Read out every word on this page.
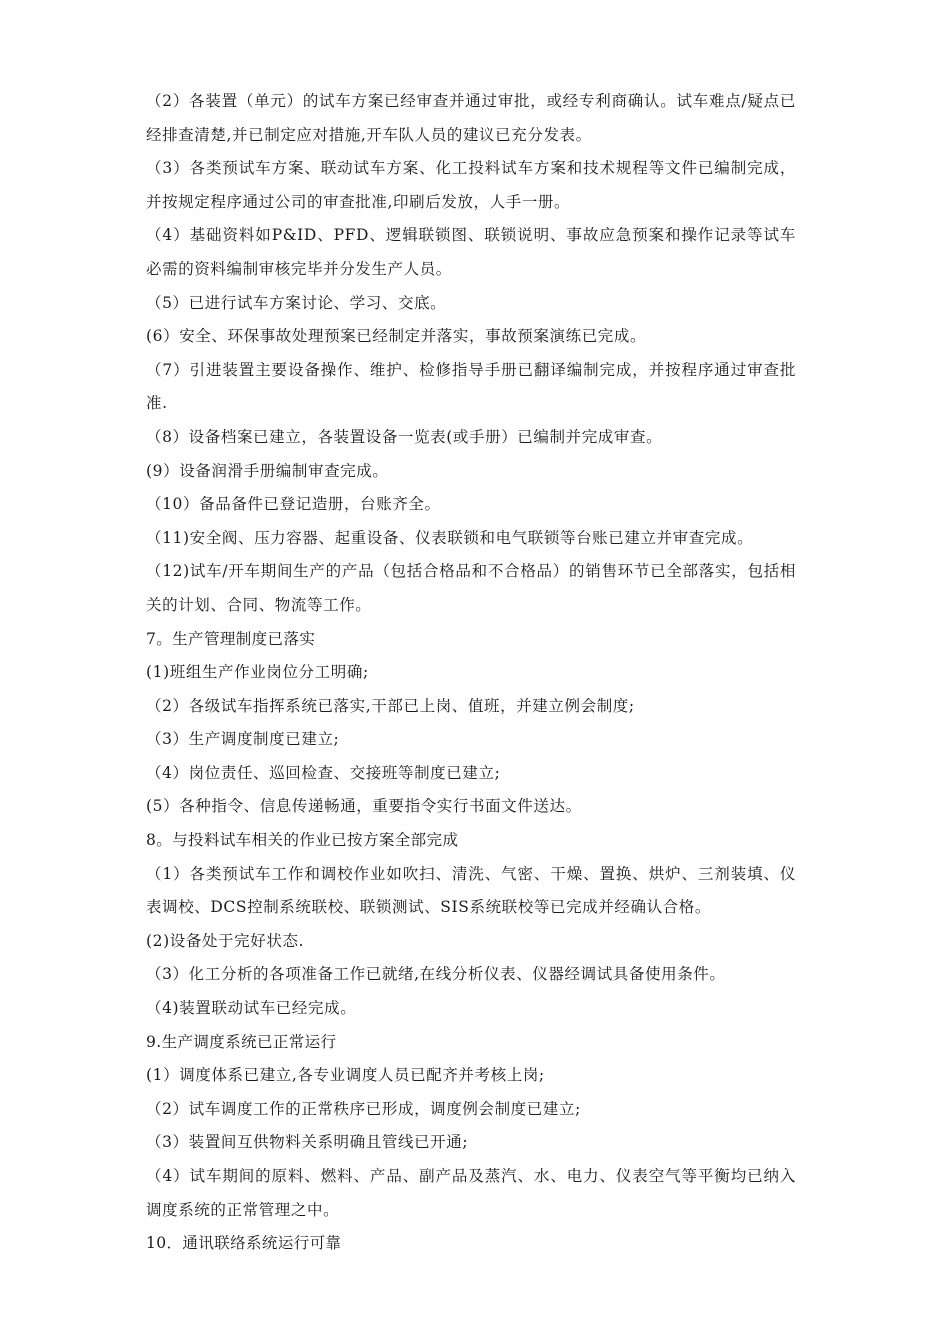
（2）各装置（单元）的试车方案已经审查并通过审批，或经专利商确认。试车难点/疑点已经排查清楚,并已制定应对措施,开车队人员的建议已充分发表。

（3）各类预试车方案、联动试车方案、化工投料试车方案和技术规程等文件已编制完成，并按规定程序通过公司的审查批准,印刷后发放，人手一册。

（4）基础资料如P&ID、PFD、逻辑联锁图、联锁说明、事故应急预案和操作记录等试车必需的资料编制审核完毕并分发生产人员。

（5）已进行试车方案讨论、学习、交底。

(6）安全、环保事故处理预案已经制定并落实，事故预案演练已完成。

（7）引进装置主要设备操作、维护、检修指导手册已翻译编制完成，并按程序通过审查批准.

（8）设备档案已建立，各装置设备一览表(或手册）已编制并完成审查。

(9）设备润滑手册编制审查完成。

（10）备品备件已登记造册，台账齐全。

（11)安全阀、压力容器、起重设备、仪表联锁和电气联锁等台账已建立并审查完成。

（12)试车/开车期间生产的产品（包括合格品和不合格品）的销售环节已全部落实，包括相关的计划、合同、物流等工作。

7。生产管理制度已落实

(1)班组生产作业岗位分工明确;

（2）各级试车指挥系统已落实,干部已上岗、值班，并建立例会制度;

（3）生产调度制度已建立;

（4）岗位责任、巡回检查、交接班等制度已建立;

(5）各种指令、信息传递畅通，重要指令实行书面文件送达。

8。与投料试车相关的作业已按方案全部完成

（1）各类预试车工作和调校作业如吹扫、清洗、气密、干燥、置换、烘炉、三剂装填、仪表调校、DCS控制系统联校、联锁测试、SIS系统联校等已完成并经确认合格。

(2)设备处于完好状态.

（3）化工分析的各项准备工作已就绪,在线分析仪表、仪器经调试具备使用条件。

（4)装置联动试车已经完成。

9.生产调度系统已正常运行

(1）调度体系已建立,各专业调度人员已配齐并考核上岗;

（2）试车调度工作的正常秩序已形成，调度例会制度已建立;

（3）装置间互供物料关系明确且管线已开通;

（4）试车期间的原料、燃料、产品、副产品及蒸汽、水、电力、仪表空气等平衡均已纳入调度系统的正常管理之中。

10．通讯联络系统运行可靠
